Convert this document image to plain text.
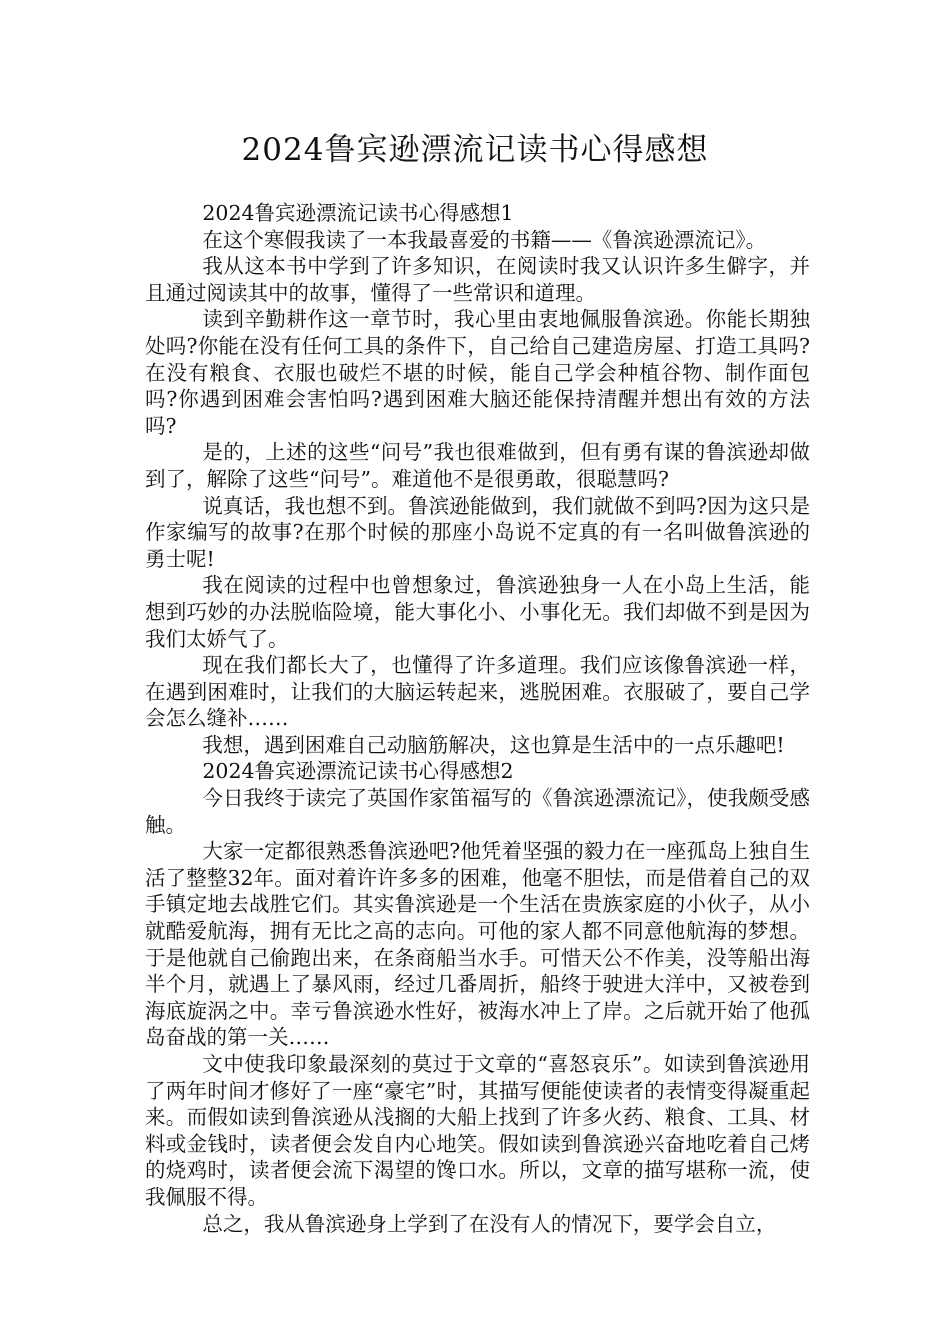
2024鲁宾逊漂流记读书心得感想

2024鲁宾逊漂流记读书心得感想1

在这个寒假我读了一本我最喜爱的书籍——《鲁滨逊漂流记》。

我从这本书中学到了许多知识，在阅读时我又认识许多生僻字，并且通过阅读其中的故事，懂得了一些常识和道理。

读到辛勤耕作这一章节时，我心里由衷地佩服鲁滨逊。你能长期独处吗?你能在没有任何工具的条件下，自己给自己建造房屋、打造工具吗?在没有粮食、衣服也破烂不堪的时候，能自己学会种植谷物、制作面包吗?你遇到困难会害怕吗?遇到困难大脑还能保持清醒并想出有效的方法吗?

是的，上述的这些“问号”我也很难做到，但有勇有谋的鲁滨逊却做到了，解除了这些“问号”。难道他不是很勇敢，很聪慧吗?

说真话，我也想不到。鲁滨逊能做到，我们就做不到吗?因为这只是作家编写的故事?在那个时候的那座小岛说不定真的有一名叫做鲁滨逊的勇士呢!

我在阅读的过程中也曾想象过，鲁滨逊独身一人在小岛上生活，能想到巧妙的办法脱临险境，能大事化小、小事化无。我们却做不到是因为我们太娇气了。

现在我们都长大了，也懂得了许多道理。我们应该像鲁滨逊一样，在遇到困难时，让我们的大脑运转起来，逃脱困难。衣服破了，要自己学会怎么缝补……

我想，遇到困难自己动脑筋解决，这也算是生活中的一点乐趣吧!

2024鲁宾逊漂流记读书心得感想2

今日我终于读完了英国作家笛福写的《鲁滨逊漂流记》，使我颇受感触。

大家一定都很熟悉鲁滨逊吧?他凭着坚强的毅力在一座孤岛上独自生活了整整32年。面对着许许多多的困难，他毫不胆怯，而是借着自己的双手镇定地去战胜它们。其实鲁滨逊是一个生活在贵族家庭的小伙子，从小就酷爱航海，拥有无比之高的志向。可他的家人都不同意他航海的梦想。于是他就自己偷跑出来，在条商船当水手。可惜天公不作美，没等船出海半个月，就遇上了暴风雨，经过几番周折，船终于驶进大洋中，又被卷到海底旋涡之中。幸亏鲁滨逊水性好，被海水冲上了岸。之后就开始了他孤岛奋战的第一关……

文中使我印象最深刻的莫过于文章的“喜怒哀乐”。如读到鲁滨逊用了两年时间才修好了一座“豪宅”时，其描写便能使读者的表情变得凝重起来。而假如读到鲁滨逊从浅搁的大船上找到了许多火药、粮食、工具、材料或金钱时，读者便会发自内心地笑。假如读到鲁滨逊兴奋地吃着自己烤的烧鸡时，读者便会流下渴望的馋口水。所以，文章的描写堪称一流，使我佩服不得。

总之，我从鲁滨逊身上学到了在没有人的情况下，要学会自立，
